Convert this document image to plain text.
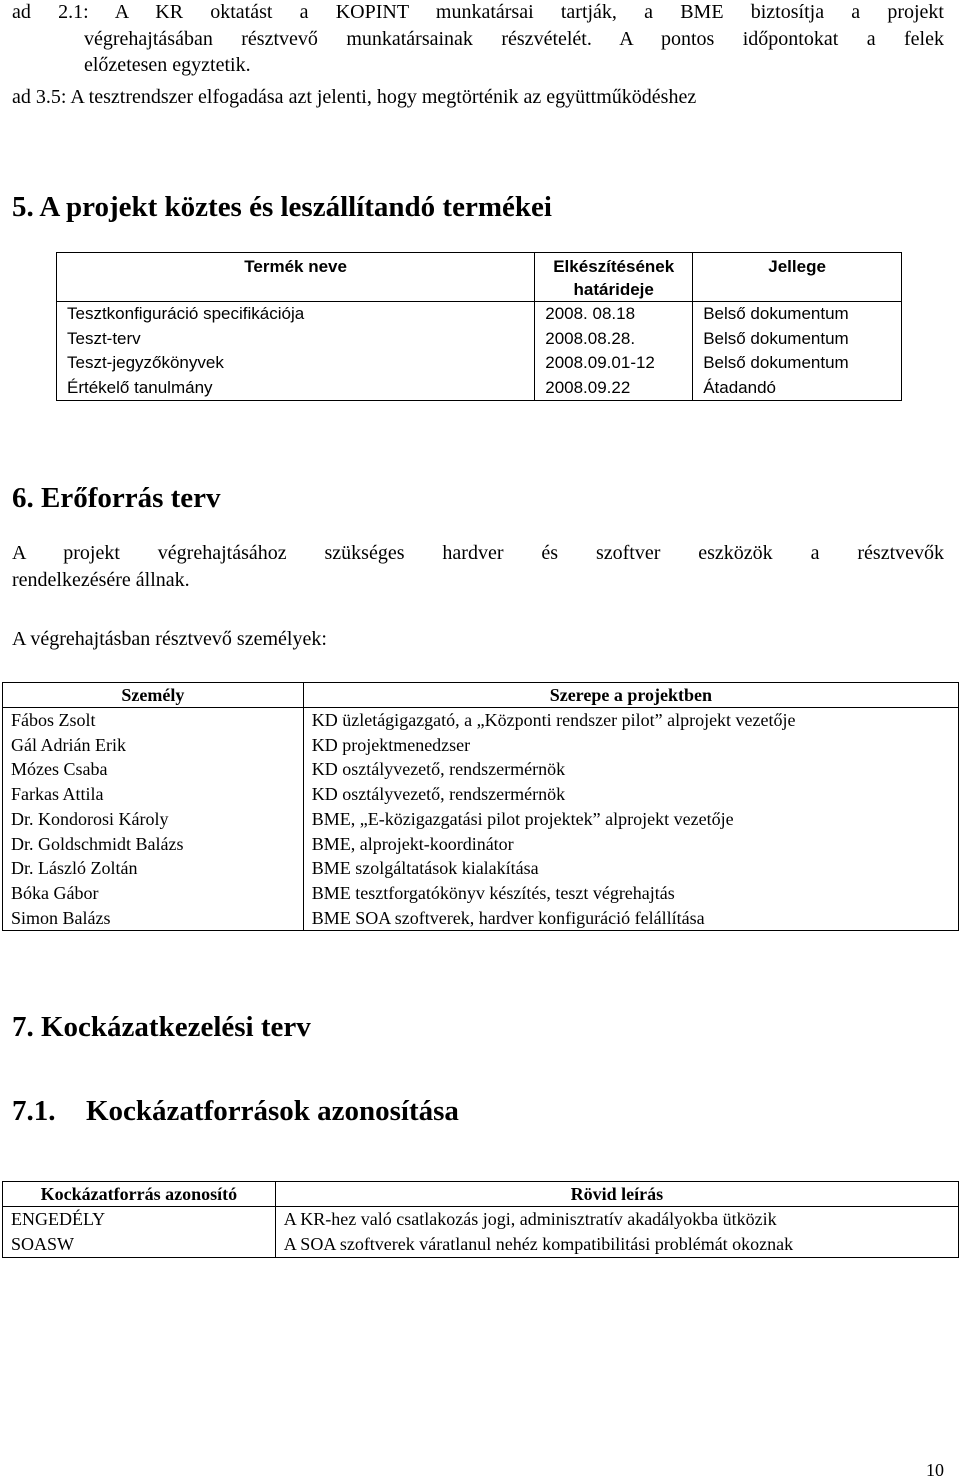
ad 2.1: A KR oktatást a KOPINT munkatársai tartják, a BME biztosítja a projekt
végrehajtásában résztvevő munkatársainak részvételét. A pontos időpontokat a felek
előzetesen egyztetik.
ad 3.5: A tesztrendszer elfogadása azt jelenti, hogy megtörténik az együttműködéshez
5. A projekt köztes és leszállítandó termékei
Termék neve	Elkészítésének határideje	Jellege
Tesztkonfiguráció specifikációja	2008. 08.18	Belső dokumentum
Teszt-terv	2008.08.28.	Belső dokumentum
Teszt-jegyzőkönyvek	2008.09.01-12	Belső dokumentum
Értékelő tanulmány	2008.09.22	Átadandó
6. Erőforrás terv
A projekt végrehajtásához szükséges hardver és szoftver eszközök a résztvevők
rendelkezésére állnak.
A végrehajtásban résztvevő személyek:
Személy	Szerepe a projektben
Fábos Zsolt	KD üzletágigazgató, a „Központi rendszer pilot” alprojekt vezetője
Gál Adrián Erik	KD projektmenedzser
Mózes Csaba	KD osztályvezető, rendszermérnök
Farkas Attila	KD osztályvezető, rendszermérnök
Dr. Kondorosi Károly	BME, „E-közigazgatási pilot projektek” alprojekt vezetője
Dr. Goldschmidt Balázs	BME, alprojekt-koordinátor
Dr. László Zoltán	BME szolgáltatások kialakítása
Bóka Gábor	BME tesztforgatókönyv készítés, teszt végrehajtás
Simon Balázs	BME SOA szoftverek, hardver konfiguráció felállítása
7. Kockázatkezelési terv
7.1. Kockázatforrások azonosítása
Kockázatforrás azonosító	Rövid leírás
ENGEDÉLY	A KR-hez való csatlakozás jogi, adminisztratív akadályokba ütközik
SOASW	A SOA szoftverek váratlanul nehéz kompatibilitási problémát okoznak
10
